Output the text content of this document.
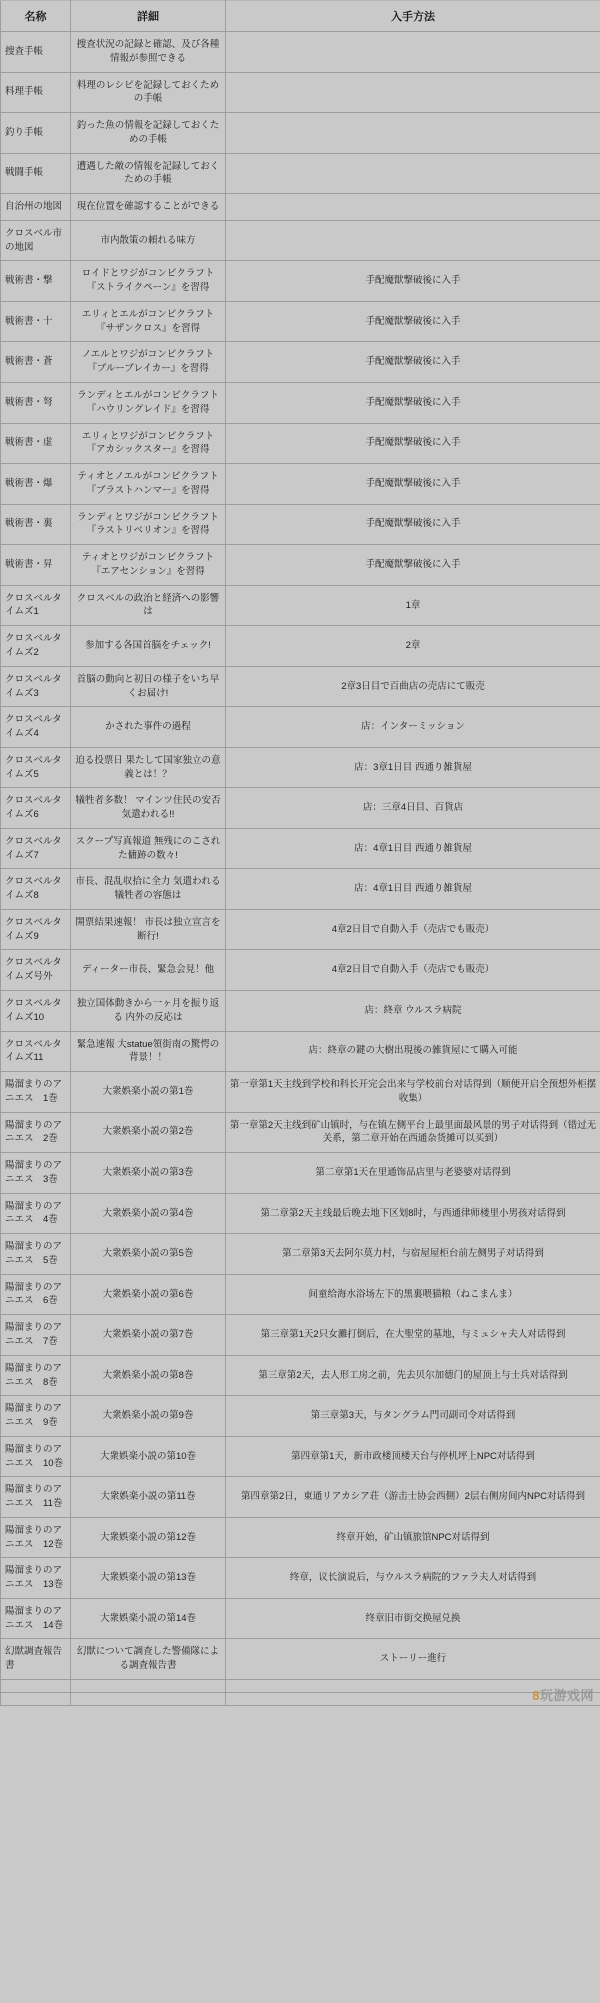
名称	詳細	入手方法
捜査手帳	捜査状況の記録と確認、及び各種情報が参照できる	
料理手帳	料理のレシピを記録しておくための手帳	
釣り手帳	釣った魚の情報を記録しておくための手帳	
戦闘手帳	遭遇した敵の情報を記録しておくための手帳	
自治州の地図	現在位置を確認することができる	
クロスベル市の地図	市内散策の頼れる味方	
戦術書・撃	ロイドとワジがコンビクラフト『ストライクペーン』を習得	手配魔獣撃破後に入手
戦術書・十	エリィとエルがコンビクラフト『サザンクロス』を習得	手配魔獣撃破後に入手
戦術書・蒼	ノエルとワジがコンビクラフト『ブルーブレイカー』を習得	手配魔獣撃破後に入手
戦術書・弩	ランディとエルがコンビクラフト『ハウリングレイド』を習得	手配魔獣撃破後に入手
戦術書・虚	エリィとワジがコンビクラフト『アカシックスター』を習得	手配魔獣撃破後に入手
戦術書・爆	ティオとノエルがコンビクラフト『ブラストハンマー』を習得	手配魔獣撃破後に入手
戦術書・裏	ランディとワジがコンビクラフト『ラストリベリオン』を習得	手配魔獣撃破後に入手
戦術書・昇	ティオとワジがコンビクラフト『エアセンション』を習得	手配魔獣撃破後に入手
クロスベルタイムズ1	クロスベルの政治と経済への影響は	1章
クロスベルタイムズ2	参加する各国首脳をチェック!	2章
クロスベルタイムズ3	首脳の動向と初日の様子をいち早くお届け!	2章3日目で百曲店の売店にて販売
クロスベルタイムズ4	かされた事件の過程	店：インターミッション
クロスベルタイムズ5	迫る投票日 果たして国家独立の意義とは！？	店：3章1日目 西通り雑貨屋
クロスベルタイムズ6	犠牲者多数！ マインツ住民の安否気遣われる!!	店：三章4日目、百貨店
クロスベルタイムズ7	スクープ写真報道 無残にのこされた傭跡の数々!	店：4章1日目 西通り雑貨屋
クロスベルタイムズ8	市長、混乱収拾に全力 気遣われる犠牲者の容態は	店：4章1日目 西通り雑貨屋
クロスベルタイムズ9	開票結果速報！ 市長は独立宣言を断行!	4章2日目で自動入手（売店でも販売）
クロスベルタイムズ号外	ディーター市長、緊急会見！他	4章2日目で自動入手（売店でも販売）
クロスベルタイムズ10	独立国体動きから一ヶ月を振り返る 内外の反応は	店：終章 ウルスラ病院
クロスベルタイムズ11	緊急速報 大statue領街南の驚愕の背景！！	店：終章の鍵の大樹出現後の雑貨屋にて購入可能
陽溜まりのアニエス　1巻	大衆娯楽小説の第1巻	第一章第1天主线到学校和科长开完会出来与学校前台对话得到（顺便开启全预想外柜摆收集）
陽溜まりのアニエス　2巻	大衆娯楽小説の第2巻	第一章第2天主线到矿山镇时，与在镇左侧平台上最里面最风景的男子对话得到（错过无关系，第二章开始在西通杂货摊可以买到）
陽溜まりのアニエス　3巻	大衆娯楽小説の第3巻	第二章第1天在里通饰品店里与老婆婆对话得到
陽溜まりのアニエス　4巻	大衆娯楽小説の第4巻	第二章第2天主线最后晚去地下区划8时，与西通律师楼里小男孩对话得到
陽溜まりのアニエス　5巻	大衆娯楽小説の第5巻	第二章第3天去阿尔莫力村，与宿屋屋柜台前左侧男子对话得到
陽溜まりのアニエス　6巻	大衆娯楽小説の第6巻	间童给海水浴场左下的黑裏喂猫粮（ねこまんま）
陽溜まりのアニエス　7巻	大衆娯楽小説の第7巻	第三章第1天2只女灘打倒后，在大聖堂的墓地，与ミュシャ夫人对话得到
陽溜まりのアニエス　8巻	大衆娯楽小説の第8巻	第三章第2天，去人形工房之前，先去贝尔加德门的屋顶上与士兵对话得到
陽溜まりのアニエス　9巻	大衆娯楽小説の第9巻	第三章第3天，与タングラム門司副司令对话得到
陽溜まりのアニエス　10巻	大衆娯楽小説の第10巻	第四章第1天，新市政楼顶楼天台与停机坪上NPC对话得到
陽溜まりのアニエス　11巻	大衆娯楽小説の第11巻	第四章第2日，東通リアカシア荘（游击士协会西側）2层右侧房间内NPC对话得到
陽溜まりのアニエス　12巻	大衆娯楽小説の第12巻	终章开始，矿山镇旅馆NPC对话得到
陽溜まりのアニエス　13巻	大衆娯楽小説の第13巻	终章，议长演说后，与ウルスラ病院的ファラ夫人对话得到
陽溜まりのアニエス　14巻	大衆娯楽小説の第14巻	终章旧市街交换屋兑换
幻獣調査報告書	幻獣について調査した警備隊による調査報告書	ストーリー進行

8玩游戏网
